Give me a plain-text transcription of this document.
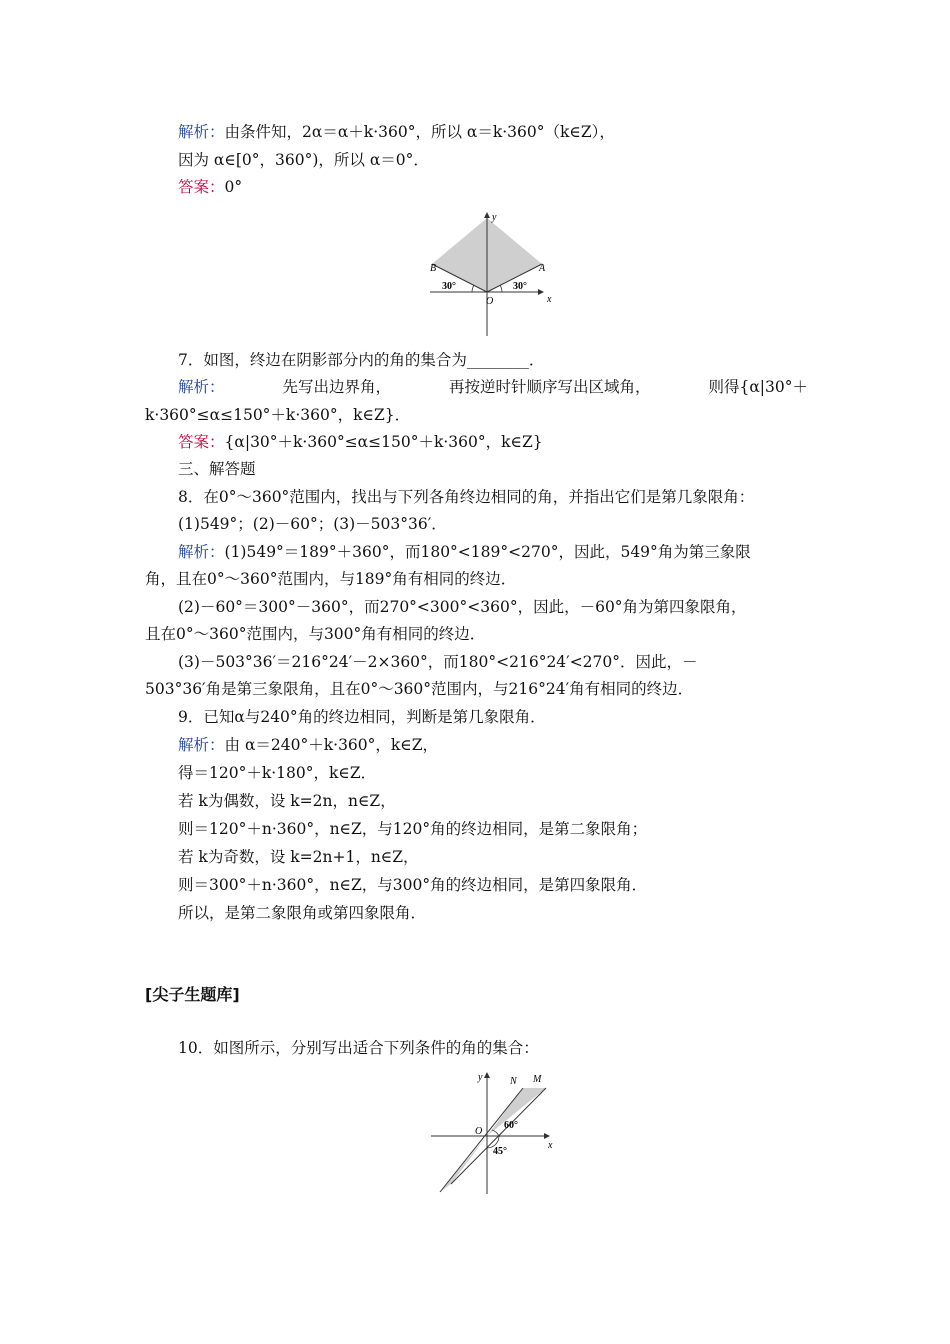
解析：由条件知，2α＝α＋k·360°，所以 α＝k·360°（k∈Z），
因为 α∈[0°，360°)，所以 α＝0°．
答案：0°
y
x
O
A
B
30°
30°
7．如图，终边在阴影部分内的角的集合为________．
解析：	先写出边界角，	再按逆时针顺序写出区域角，	则得{α|30°＋
k·360°≤α≤150°＋k·360°，k∈Z}．
答案：{α|30°＋k·360°≤α≤150°＋k·360°，k∈Z}
三、解答题
8．在0°～360°范围内，找出与下列各角终边相同的角，并指出它们是第几象限角：
(1)549°；(2)－60°；(3)－503°36′．
解析：(1)549°＝189°＋360°，而180°<189°<270°，因此，549°角为第三象限
角，且在0°～360°范围内，与189°角有相同的终边．
(2)－60°＝300°－360°，而270°<300°<360°，因此，－60°角为第四象限角，
且在0°～360°范围内，与300°角有相同的终边．
(3)－503°36′＝216°24′－2×360°，而180°<216°24′<270°．因此，－
503°36′角是第三象限角，且在0°～360°范围内，与216°24′角有相同的终边．
9．已知α与240°角的终边相同，判断是第几象限角．
解析：由 α＝240°＋k·360°，k∈Z，
得＝120°＋k·180°，k∈Z．
若 k为偶数，设 k=2n，n∈Z，
则＝120°＋n·360°，n∈Z，与120°角的终边相同，是第二象限角；
若 k为奇数，设 k=2n+1，n∈Z，
则＝300°＋n·360°，n∈Z，与300°角的终边相同，是第四象限角．
所以，是第二象限角或第四象限角．
[尖子生题库]
10．如图所示，分别写出适合下列条件的角的集合：
y
x
O
N M
60°
45°
